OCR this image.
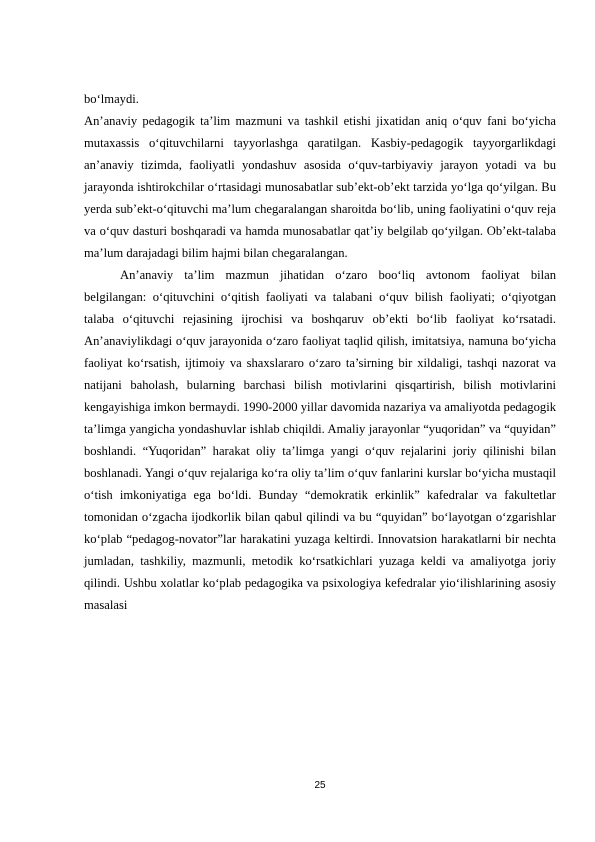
bo‘lmaydi.

An’anaviy pedagogik ta’lim mazmuni va tashkil etishi jixatidan aniq o‘quv fani bo‘yicha mutaxassis o‘qituvchilarni tayyorlashga qaratilgan. Kasbiy-pedagogik tayyorgarlikdagi an’anaviy tizimda, faoliyatli yondashuv asosida o‘quv-tarbiyaviy jarayon yotadi va bu jarayonda ishtirokchilar o‘rtasidagi munosabatlar sub’ekt-ob’ekt tarzida yo‘lga qo‘yilgan. Bu yerda sub’ekt-o‘qituvchi ma’lum chegaralangan sharoitda bo‘lib, uning faoliyatini o‘quv reja va o‘quv dasturi boshqaradi va hamda munosabatlar qat’iy belgilab qo‘yilgan. Ob’ekt-talaba ma’lum darajadagi bilim hajmi bilan chegaralangan.

An’anaviy ta’lim mazmun jihatidan o‘zaro boo‘liq avtonom faoliyat bilan belgilangan: o‘qituvchini o‘qitish faoliyati va talabani o‘quv bilish faoliyati; o‘qiyotgan talaba o‘qituvchi rejasining ijrochisi va boshqaruv ob’ekti bo‘lib faoliyat ko‘rsatadi. An’anaviylikdagi o‘quv jarayonida o‘zaro faoliyat taqlid qilish, imitatsiya, namuna bo‘yicha faoliyat ko‘rsatish, ijtimoiy va shaxslararo o‘zaro ta’sirning bir xildaligi, tashqi nazorat va natijani baholash, bularning barchasi bilish motivlarini qisqartirish, bilish motivlarini kengayishiga imkon bermaydi. 1990-2000 yillar davomida nazariya va amaliyotda pedagogik ta’limga yangicha yondashuvlar ishlab chiqildi. Amaliy jarayonlar “yuqoridan” va “quyidan” boshlandi. “Yuqoridan” harakat oliy ta’limga yangi o‘quv rejalarini joriy qilinishi bilan boshlanadi. Yangi o‘quv rejalariga ko‘ra oliy ta’lim o‘quv fanlarini kurslar bo‘yicha mustaqil o‘tish imkoniyatiga ega bo‘ldi. Bunday “demokratik erkinlik” kafedralar va fakultetlar tomonidan o‘zgacha ijodkorlik bilan qabul qilindi va bu “quyidan” bo‘layotgan o‘zgarishlar ko‘plab “pedagog-novator”lar harakatini yuzaga keltirdi. Innovatsion harakatlarni bir nechta jumladan, tashkiliy, mazmunli, metodik ko‘rsatkichlari yuzaga keldi va amaliyotga joriy qilindi. Ushbu xolatlar ko‘plab pedagogika va psixologiya kefedralar yio‘ilishlarining asosiy masalasi

25
